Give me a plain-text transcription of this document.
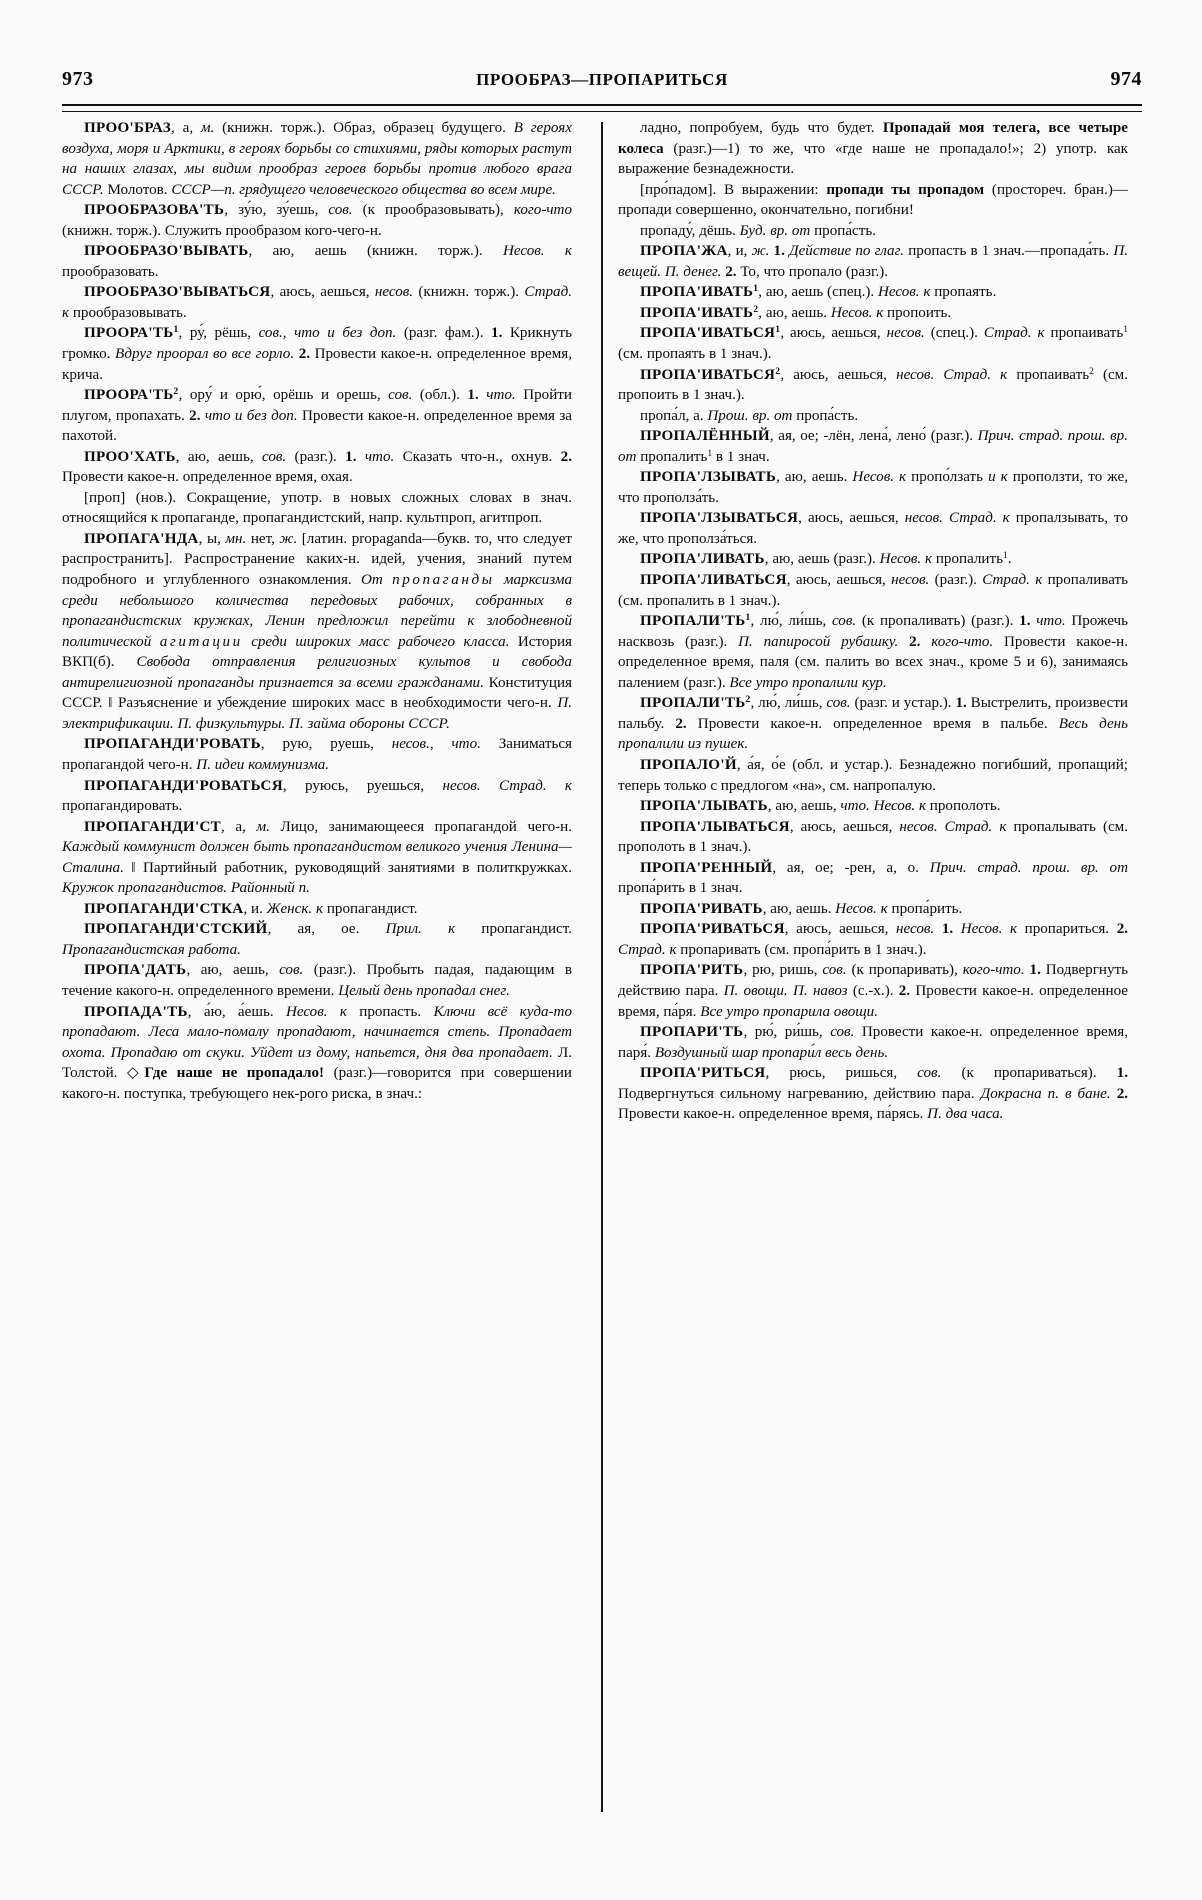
973	ПРООБРАЗ—ПРОПАРИТЬСЯ	974

ПРОО'БРАЗ, а, м. (книжн. торж.). Образ, образец будущего. В героях воздуха, моря и Арктики, в героях борьбы со стихиями, ряды которых растут на наших глазах, мы видим прообраз героев борьбы против любого врага СССР. Молотов. СССР—п. грядущего человеческого общества во всем мире.

ПРООБРАЗОВА'ТЬ, зу́ю, зу́ешь, сов. (к прообразовывать), кого-что (книжн. торж.). Служить прообразом кого-чего-н.

ПРООБРАЗО'ВЫВАТЬ, аю, аешь (книжн. торж.). Несов. к прообразовать.

ПРООБРАЗО'ВЫВАТЬСЯ, аюсь, аешься, несов. (книжн. торж.). Страд. к прообразовывать.

$ПРООРА'ТЬ^1$, ру́, рёшь, сов., что и без доп. (разг. фам.). 1. Крикнуть громко. Вдруг проорал во все горло. 2. Провести какое-н. определенное время, крича.

$ПРООРА'ТЬ^2$, ору́ и орю́, орёшь и орешь, сов. (обл.). 1. что. Пройти плугом, пропахать. 2. что и без доп. Провести какое-н. определенное время за пахотой.

ПРОО'ХАТЬ, аю, аешь, сов. (разг.). 1. что. Сказать что-н., охнув. 2. Провести какое-н. определенное время, охая.

[проп] (нов.). Сокращение, употр. в новых сложных словах в знач. относящийся к пропаганде, пропагандистский, напр. культпроп, агитпроп.

ПРОПАГА'НДА, ы, мн. нет, ж. [латин. propaganda—букв. то, что следует распространить]. Распространение каких-н. идей, учения, знаний путем подробного и углубленного ознакомления. От пропаганды марксизма среди небольшого количества передовых рабочих, собранных в пропагандистских кружках, Ленин предложил перейти к злободневной политической агитации среди широких масс рабочего класса. История ВКП(б). Свобода отправления религиозных культов и свобода антирелигиозной пропаганды признается за всеми гражданами. Конституция СССР. ‖ Разъяснение и убеждение широких масс в необходимости чего-н. П. электрификации. П. физкультуры. П. займа обороны СССР.

ПРОПАГАНДИ'РОВАТЬ, рую, руешь, несов., что. Заниматься пропагандой чего-н. П. идеи коммунизма.

ПРОПАГАНДИ'РОВАТЬСЯ, руюсь, руешься, несов. Страд. к пропагандировать.

ПРОПАГАНДИ'СТ, а, м. Лицо, занимающееся пропагандой чего-н. Каждый коммунист должен быть пропагандистом великого учения Ленина—Сталина. ‖ Партийный работник, руководящий занятиями в политкружках. Кружок пропагандистов. Районный п.

ПРОПАГАНДИ'СТКА, и. Женск. к пропагандист.

ПРОПАГАНДИ'СТСКИЙ, ая, ое. Прил. к пропагандист. Пропагандистская работа.

ПРОПА'ДАТЬ, аю, аешь, сов. (разг.). Пробыть падая, падающим в течение какого-н. определенного времени. Целый день пропадал снег.

ПРОПАДА'ТЬ, а́ю, а́ешь. Несов. к пропасть. Ключи всё куда-то пропадают. Леса мало-помалу пропадают, начинается степь. Пропадает охота. Пропадаю от скуки. Уйдет из дому, напьется, дня два пропадает. Л. Толстой. ◇Где наше не пропадало! (разг.)—говорится при совершении какого-н. поступка, требующего нек-рого риска, в знач.:

ладно, попробуем, будь что будет. Пропадай моя телега, все четыре колеса (разг.)—1) то же, что «где наше не пропадало!»; 2) употр. как выражение безнадежности.

[про́падом]. В выражении: пропади ты пропадом (простореч. бран.)—пропади совершенно, окончательно, погибни!

пропаду́, дёшь. Буд. вр. от пропа́сть.

ПРОПА'ЖА, и, ж. 1. Действие по глаг. пропасть в 1 знач.—пропада́ть. П. вещей. П. денег. 2. То, что пропало (разг.).

ПРОПА'ИВАТЬ$^1$, аю, аешь (спец.). Несов. к пропаять.

ПРОПА'ИВАТЬ$^2$, аю, аешь. Несов. к пропоить.

ПРОПА'ИВАТЬСЯ$^1$, аюсь, аешься, несов. (спец.). Страд. к пропаивать$^1$ (см. пропаять в 1 знач.).

ПРОПА'ИВАТЬСЯ$^2$, аюсь, аешься, несов. Страд. к пропаивать$^2$ (см. пропоить в 1 знач.).

пропа́л, а. Прош. вр. от пропа́сть.

ПРОПАЛЁННЫЙ, ая, ое; -лён, лена́, лено́ (разг.). Прич. страд. прош. вр. от пропалить$^1$ в 1 знач.

ПРОПА'ЛЗЫВАТЬ, аю, аешь. Несов. к пропо́лзать и к проползти, то же, что прополза́ть.

ПРОПА'ЛЗЫВАТЬСЯ, аюсь, аешься, несов. Страд. к пропалзывать, то же, что прополза́ться.

ПРОПА'ЛИВАТЬ, аю, аешь (разг.). Несов. к пропалить$^1$.

ПРОПА'ЛИВАТЬСЯ, аюсь, аешься, несов. (разг.). Страд. к пропаливать (см. пропалить в 1 знач.).

$ПРОПАЛИ'ТЬ^1$, лю́, ли́шь, сов. (к пропаливать) (разг.). 1. что. Прожечь насквозь (разг.). П. папиросой рубашку. 2. кого-что. Провести какое-н. определенное время, паля (см. палить во всех знач., кроме 5 и 6), занимаясь палением (разг.). Все утро пропалили кур.

$ПРОПАЛИ'ТЬ^2$, лю́, ли́шь, сов. (разг. и устар.). 1. Выстрелить, произвести пальбу. 2. Провести какое-н. определенное время в пальбе. Весь день пропалили из пушек.

ПРОПАЛО'Й, а́я, о́е (обл. и устар.). Безнадежно погибший, пропащий; теперь только с предлогом «на», см. напропалую.

ПРОПА'ЛЫВАТЬ, аю, аешь, что. Несов. к прополоть.

ПРОПА'ЛЫВАТЬСЯ, аюсь, аешься, несов. Страд. к пропалывать (см. прополоть в 1 знач.).

ПРОПА'РЕННЫЙ, ая, ое; -рен, а, о. Прич. страд. прош. вр. от пропа́рить в 1 знач.

ПРОПА'РИВАТЬ, аю, аешь. Несов. к пропа́рить.

ПРОПА'РИВАТЬСЯ, аюсь, аешься, несов. 1. Несов. к пропариться. 2. Страд. к пропаривать (см. пропа́рить в 1 знач.).

ПРОПА'РИТЬ, рю, ришь, сов. (к пропаривать), кого-что. 1. Подвергнуть действию пара. П. овощи. П. навоз (с.-х.). 2. Провести какое-н. определенное время, па́ря. Все утро пропарила овощи.

ПРОПАРИ'ТЬ, рю́, ри́шь, сов. Провести какое-н. определенное время, паря́. Воздушный шар пропари́л весь день.

ПРОПА'РИТЬСЯ, рюсь, ришься, сов. (к пропариваться). 1. Подвергнуться сильному нагреванию, действию пара. Докрасна п. в бане. 2. Провести какое-н. определенное время, па́рясь. П. два часа.
